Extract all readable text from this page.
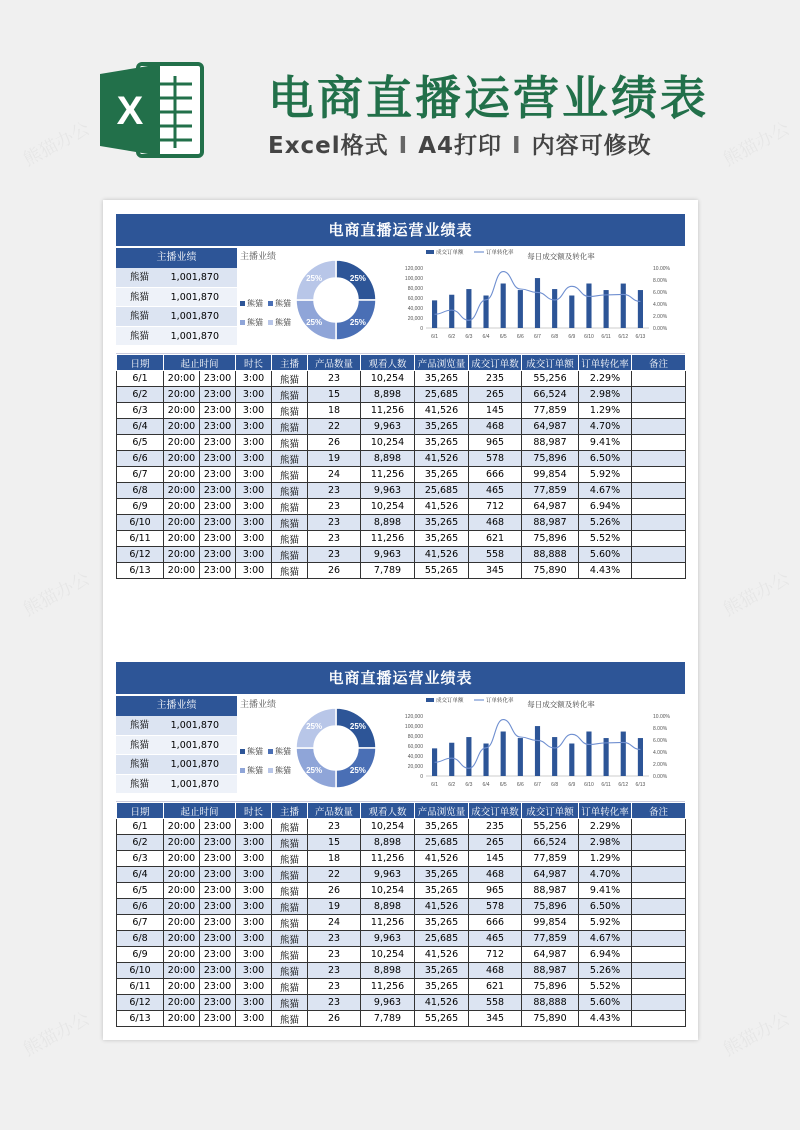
X	电商直播运营业绩表
Excel格式 I A4打印 I 内容可修改
电商直播运营业绩表
主播业绩
熊猫	1,001,870
熊猫	1,001,870
熊猫	1,001,870
熊猫	1,001,870
主播业绩
25%
25%
25%
25%
熊猫 熊猫
熊猫 熊猫
成交订单额	订单转化率 每日成交额及转化率
0
20,000
40,000
60,000
80,000
100,000
120,000
0.00%
2.00%
4.00%
6.00%
8.00%
10.00%
6/1 6/2 6/3 6/4 6/5 6/6 6/7 6/8 6/9 6/10 6/11 6/12 6/13
日期	起止时间		时长	主播	产品数量	观看人数	产品浏览量	成交订单数	成交订单额	订单转化率	备注
6/1	20:00	23:00	3:00	熊猫	23	10,254	35,265	235	55,256	2.29%	
6/2	20:00	23:00	3:00	熊猫	15	8,898	25,685	265	66,524	2.98%	
6/3	20:00	23:00	3:00	熊猫	18	11,256	41,526	145	77,859	1.29%	
6/4	20:00	23:00	3:00	熊猫	22	9,963	35,265	468	64,987	4.70%	
6/5	20:00	23:00	3:00	熊猫	26	10,254	35,265	965	88,987	9.41%	
6/6	20:00	23:00	3:00	熊猫	19	8,898	41,526	578	75,896	6.50%	
6/7	20:00	23:00	3:00	熊猫	24	11,256	35,265	666	99,854	5.92%	
6/8	20:00	23:00	3:00	熊猫	23	9,963	25,685	465	77,859	4.67%	
6/9	20:00	23:00	3:00	熊猫	23	10,254	41,526	712	64,987	6.94%	
6/10	20:00	23:00	3:00	熊猫	23	8,898	35,265	468	88,987	5.26%	
6/11	20:00	23:00	3:00	熊猫	23	11,256	35,265	621	75,896	5.52%	
6/12	20:00	23:00	3:00	熊猫	23	9,963	41,526	558	88,888	5.60%	
6/13	20:00	23:00	3:00	熊猫	26	7,789	55,265	345	75,890	4.43%	
电商直播运营业绩表
主播业绩
熊猫	1,001,870
熊猫	1,001,870
熊猫	1,001,870
熊猫	1,001,870
主播业绩
25%
25%
25%
25%
熊猫 熊猫
熊猫 熊猫
成交订单额	订单转化率 每日成交额及转化率
0
20,000
40,000
60,000
80,000
100,000
120,000
0.00%
2.00%
4.00%
6.00%
8.00%
10.00%
6/1 6/2 6/3 6/4 6/5 6/6 6/7 6/8 6/9 6/10 6/11 6/12 6/13
日期	起止时间		时长	主播	产品数量	观看人数	产品浏览量	成交订单数	成交订单额	订单转化率	备注
6/1	20:00	23:00	3:00	熊猫	23	10,254	35,265	235	55,256	2.29%	
6/2	20:00	23:00	3:00	熊猫	15	8,898	25,685	265	66,524	2.98%	
6/3	20:00	23:00	3:00	熊猫	18	11,256	41,526	145	77,859	1.29%	
6/4	20:00	23:00	3:00	熊猫	22	9,963	35,265	468	64,987	4.70%	
6/5	20:00	23:00	3:00	熊猫	26	10,254	35,265	965	88,987	9.41%	
6/6	20:00	23:00	3:00	熊猫	19	8,898	41,526	578	75,896	6.50%	
6/7	20:00	23:00	3:00	熊猫	24	11,256	35,265	666	99,854	5.92%	
6/8	20:00	23:00	3:00	熊猫	23	9,963	25,685	465	77,859	4.67%	
6/9	20:00	23:00	3:00	熊猫	23	10,254	41,526	712	64,987	6.94%	
6/10	20:00	23:00	3:00	熊猫	23	8,898	35,265	468	88,987	5.26%	
6/11	20:00	23:00	3:00	熊猫	23	11,256	35,265	621	75,896	5.52%	
6/12	20:00	23:00	3:00	熊猫	23	9,963	41,526	558	88,888	5.60%	
6/13	20:00	23:00	3:00	熊猫	26	7,789	55,265	345	75,890	4.43%	
